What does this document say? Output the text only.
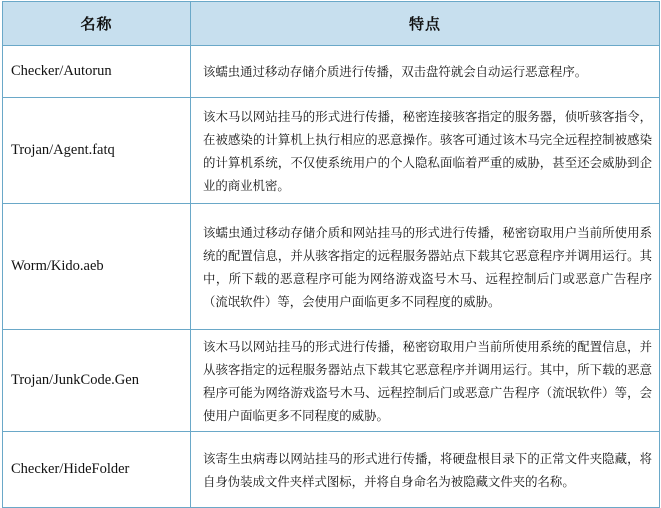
名称	特点
Checker/Autorun	该蠕虫通过移动存储介质进行传播，双击盘符就会自动运行恶意程序。
Trojan/Agent.fatq	该木马以网站挂马的形式进行传播，秘密连接骇客指定的服务器，侦听骇客指令，在被感染的计算机上执行相应的恶意操作。骇客可通过该木马完全远程控制被感染的计算机系统，不仅使系统用户的个人隐私面临着严重的威胁，甚至还会威胁到企业的商业机密。
Worm/Kido.aeb	该蠕虫通过移动存储介质和网站挂马的形式进行传播，秘密窃取用户当前所使用系统的配置信息，并从骇客指定的远程服务器站点下载其它恶意程序并调用运行。其中，所下载的恶意程序可能为网络游戏盗号木马、远程控制后门或恶意广告程序（流氓软件）等，会使用户面临更多不同程度的威胁。
Trojan/JunkCode.Gen	该木马以网站挂马的形式进行传播，秘密窃取用户当前所使用系统的配置信息，并从骇客指定的远程服务器站点下载其它恶意程序并调用运行。其中，所下载的恶意程序可能为网络游戏盗号木马、远程控制后门或恶意广告程序（流氓软件）等，会使用户面临更多不同程度的威胁。
Checker/HideFolder	该寄生虫病毒以网站挂马的形式进行传播，将硬盘根目录下的正常文件夹隐藏，将自身伪装成文件夹样式图标，并将自身命名为被隐藏文件夹的名称。
